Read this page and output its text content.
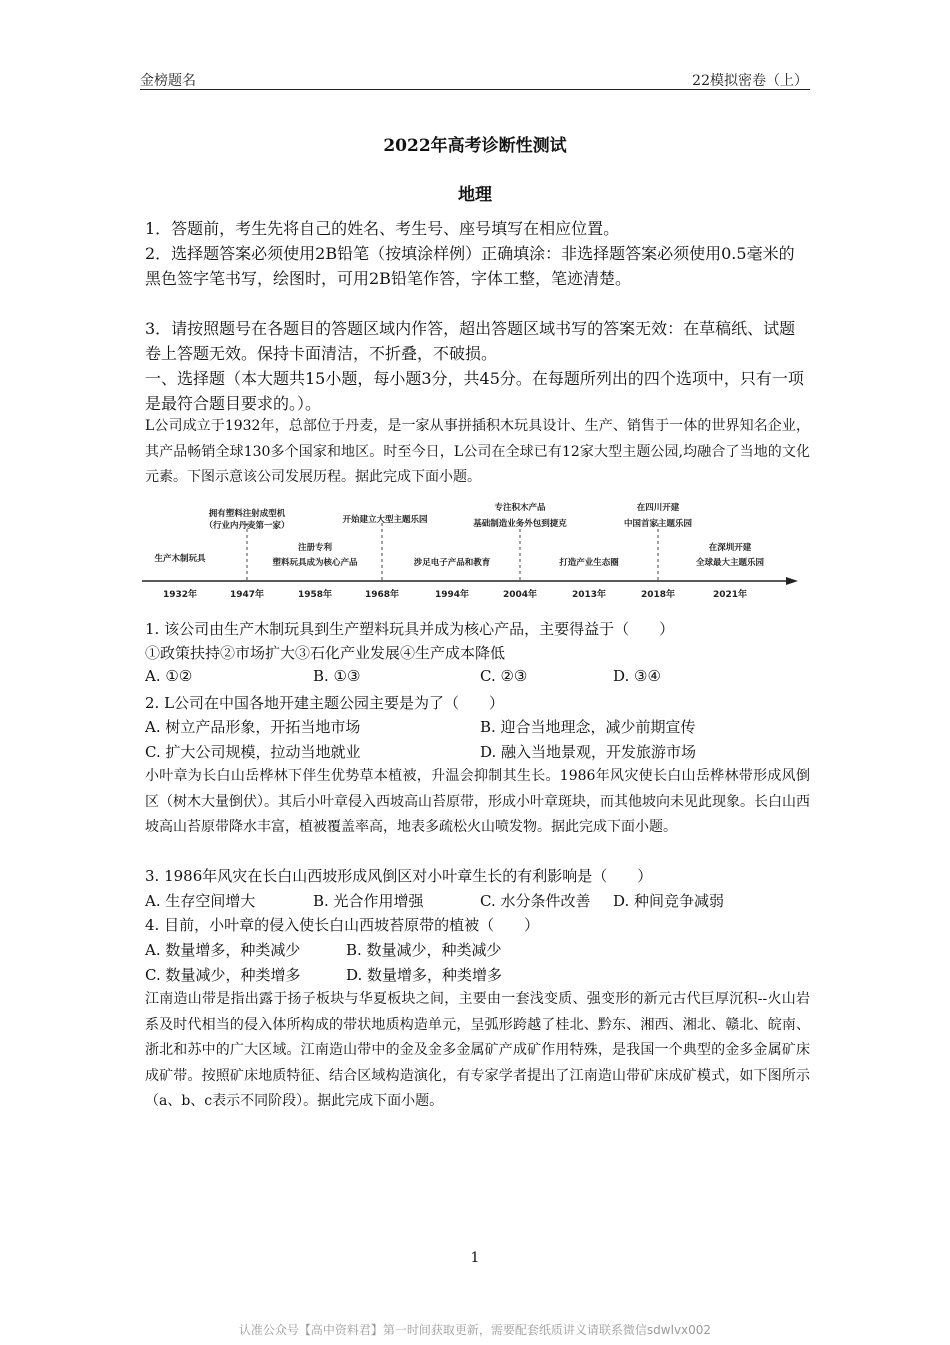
金榜题名	22模拟密卷（上）
2022年高考诊断性测试
地理

1．答题前，考生先将自己的姓名、考生号、座号填写在相应位置。

2．选择题答案必须使用2B铅笔（按填涂样例）正确填涂：非选择题答案必须使用0.5毫米的黑色签字笔书写，绘图时，可用2B铅笔作答，字体工整，笔迹清楚。

3．请按照题号在各题目的答题区域内作答，超出答题区域书写的答案无效：在草稿纸、试题卷上答题无效。保持卡面清洁，不折叠，不破损。

一、选择题（本大题共15小题，每小题3分，共45分。在每题所列出的四个选项中，只有一项是最符合题目要求的。）。

L公司成立于1932年，总部位于丹麦，是一家从事拼插积木玩具设计、生产、销售于一体的世界知名企业，其产品畅销全球130多个国家和地区。时至今日，L公司在全球已有12家大型主题公园,均融合了当地的文化元素。下图示意该公司发展历程。据此完成下面小题。

拥有塑料注射成型机
（行业内丹麦第一家）
开始建立大型主题乐园
专注积木产品
基础制造业务外包到捷克
在四川开建
中国首家主题乐园
生产木制玩具
注册专利
塑料玩具成为核心产品	涉足电子产品和教育	打造产业生态圈
在深圳开建
全球最大主题乐园
1932年	1947年	1958年	1968年	1994年	2004年	2013年	2018年	2021年
1. 该公司由生产木制玩具到生产塑料玩具并成为核心产品，主要得益于（　　）
①政策扶持②市场扩大③石化产业发展④生产成本降低
A. ①②	B. ①③	C. ②③	D. ③④
2. L公司在中国各地开建主题公园主要是为了（　　）
A. 树立产品形象，开拓当地市场	B. 迎合当地理念，减少前期宣传
C. 扩大公司规模，拉动当地就业	D. 融入当地景观，开发旅游市场

小叶章为长白山岳桦林下伴生优势草本植被，升温会抑制其生长。1986年风灾使长白山岳桦林带形成风倒区（树木大量倒伏）。其后小叶章侵入西坡高山苔原带，形成小叶章斑块，而其他坡向未见此现象。长白山西坡高山苔原带降水丰富，植被覆盖率高，地表多疏松火山喷发物。据此完成下面小题。

3. 1986年风灾在长白山西坡形成风倒区对小叶章生长的有利影响是（　　）
A. 生存空间增大	B. 光合作用增强	C. 水分条件改善 D. 种间竞争减弱
4. 目前，小叶章的侵入使长白山西坡苔原带的植被（　　）
A. 数量增多，种类减少	B. 数量减少，种类减少
C. 数量减少，种类增多	D. 数量增多，种类增多

江南造山带是指出露于扬子板块与华夏板块之间，主要由一套浅变质、强变形的新元古代巨厚沉积--火山岩系及时代相当的侵入体所构成的带状地质构造单元，呈弧形跨越了桂北、黔东、湘西、湘北、赣北、皖南、浙北和苏中的广大区域。江南造山带中的金及金多金属矿产成矿作用特殊，是我国一个典型的金多金属矿床成矿带。按照矿床地质特征、结合区域构造演化，有专家学者提出了江南造山带矿床成矿模式，如下图所示（a、b、c表示不同阶段）。据此完成下面小题。

1
认准公众号【高中资料君】第一时间获取更新，需要配套纸质讲义请联系微信sdwlvx002
